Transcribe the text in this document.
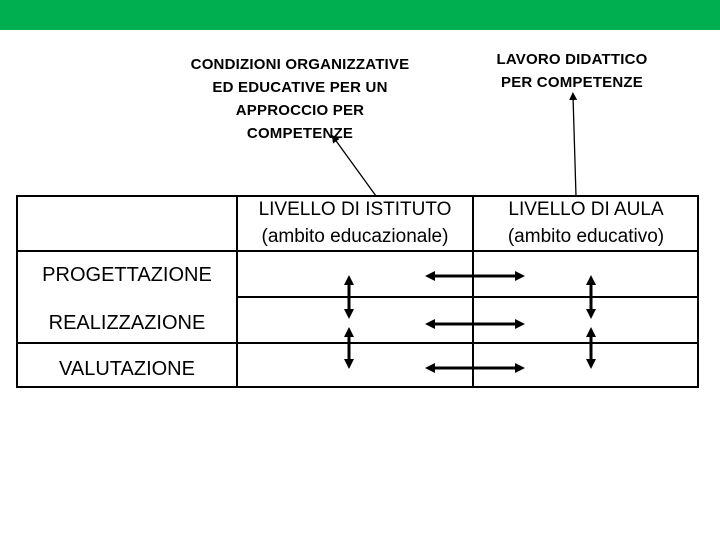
CONDIZIONI ORGANIZZATIVE
ED EDUCATIVE PER UN
APPROCCIO PER
COMPETENZE
LAVORO DIDATTICO
PER COMPETENZE
LIVELLO DI ISTITUTO
(ambito educazionale)
LIVELLO DI AULA
(ambito educativo)
PROGETTAZIONE
REALIZZAZIONE
VALUTAZIONE
